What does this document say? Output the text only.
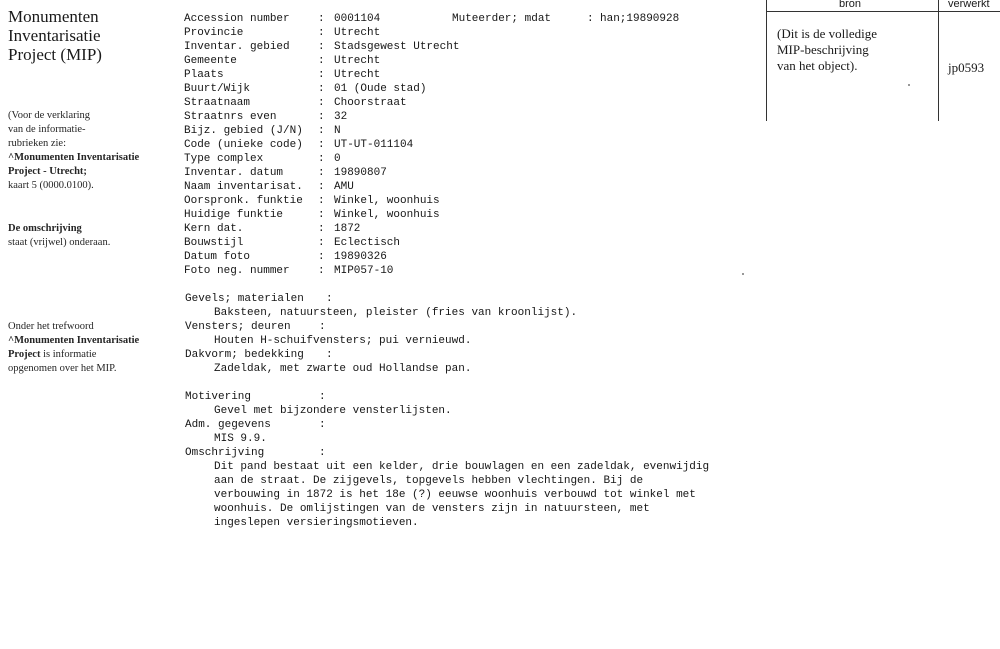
Monumenten
Inventarisatie
Project (MIP)
(Voor de verklaring
van de informatie-
rubrieken zie:
^Monumenten Inventarisatie
Project - Utrecht;
kaart 5 (0000.0100).
De omschrijving
staat (vrijwel) onderaan.
Onder het trefwoord
^Monumenten Inventarisatie
Project is informatie
opgenomen over het MIP.
Accession number	: 0001104
Provincie	: Utrecht
Inventar. gebied	: Stadsgewest Utrecht
Gemeente	: Utrecht
Plaats	: Utrecht
Buurt/Wijk	: 01 (Oude stad)
Straatnaam	: Choorstraat
Straatnrs even	: 32
Bijz. gebied (J/N) : N
Code (unieke code) : UT-UT-011104
Type complex	: 0
Inventar. datum	: 19890807
Naam inventarisat. : AMU
Oorspronk. funktie : Winkel, woonhuis
Huidige funktie	: Winkel, woonhuis
Kern dat.	: 1872
Bouwstijl	: Eclectisch
Datum foto	: 19890326
Foto neg. nummer	: MIP057-10
Muteerder; mdat	: han;19890928
Gevels; materialen :
Baksteen, natuursteen, pleister (fries van kroonlijst).
Vensters; deuren	:
Houten H-schuifvensters; pui vernieuwd.
Dakvorm; bedekking :
Zadeldak, met zwarte oud Hollandse pan.
Motivering	:
Gevel met bijzondere vensterlijsten.
Adm. gegevens	:
MIS 9.9.
Omschrijving	:
Dit pand bestaat uit een kelder, drie bouwlagen en een zadeldak, evenwijdig
aan de straat. De zijgevels, topgevels hebben vlechtingen. Bij de
verbouwing in 1872 is het 18e (?) eeuwse woonhuis verbouwd tot winkel met
woonhuis. De omlijstingen van de vensters zijn in natuursteen, met
ingeslepen versieringsmotieven.
bron	verwerkt
(Dit is de volledige
MIP-beschrijving
van het object).	jp0593
